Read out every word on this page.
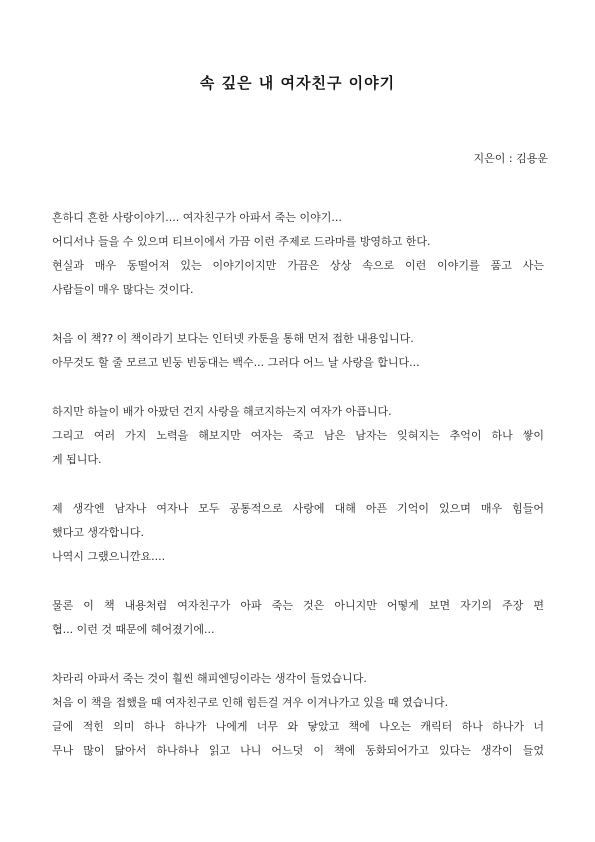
속 깊은 내 여자친구 이야기
지은이 : 김용운
흔하디 흔한 사랑이야기.... 여자친구가 아파서 죽는 이야기...
어디서나 들을 수 있으며 티브이에서 가끔 이런 주제로 드라마를 방영하고 한다.
현실과 매우 동떨어져 있는 이야기이지만 가끔은 상상 속으로 이런 이야기를 품고 사는
사람들이 매우 많다는 것이다.
처음 이 책?? 이 책이라기 보다는 인터넷 카툰을 통해 먼저 접한 내용입니다.
아무것도 할 줄 모르고 빈둥 빈둥대는 백수... 그러다 어느 날 사랑을 합니다...
하지만 하늘이 배가 아팠던 건지 사랑을 해코지하는지 여자가 아픕니다.
그리고 여러 가지 노력을 해보지만 여자는 죽고 남은 남자는 잊혀지는 추억이 하나 쌓이
게 됩니다.
제 생각엔 남자나 여자나 모두 공통적으로 사랑에 대해 아픈 기억이 있으며 매우 힘들어
했다고 생각합니다.
나역시 그랬으니깐요....
물론 이 책 내용처럼 여자친구가 아파 죽는 것은 아니지만 어떻게 보면 자기의 주장 편
협... 이런 것 때문에 헤어졌기에...
차라리 아파서 죽는 것이 훨씬 해피엔딩이라는 생각이 들었습니다.
처음 이 책을 접했을 때 여자친구로 인해 힘든걸 겨우 이겨나가고 있을 때 였습니다.
글에 적힌 의미 하나 하나가 나에게 너무 와 닿았고 책에 나오는 캐릭터 하나 하나가 너
무나 많이 닮아서 하나하나 읽고 나니 어느덧 이 책에 동화되어가고 있다는 생각이 들었
